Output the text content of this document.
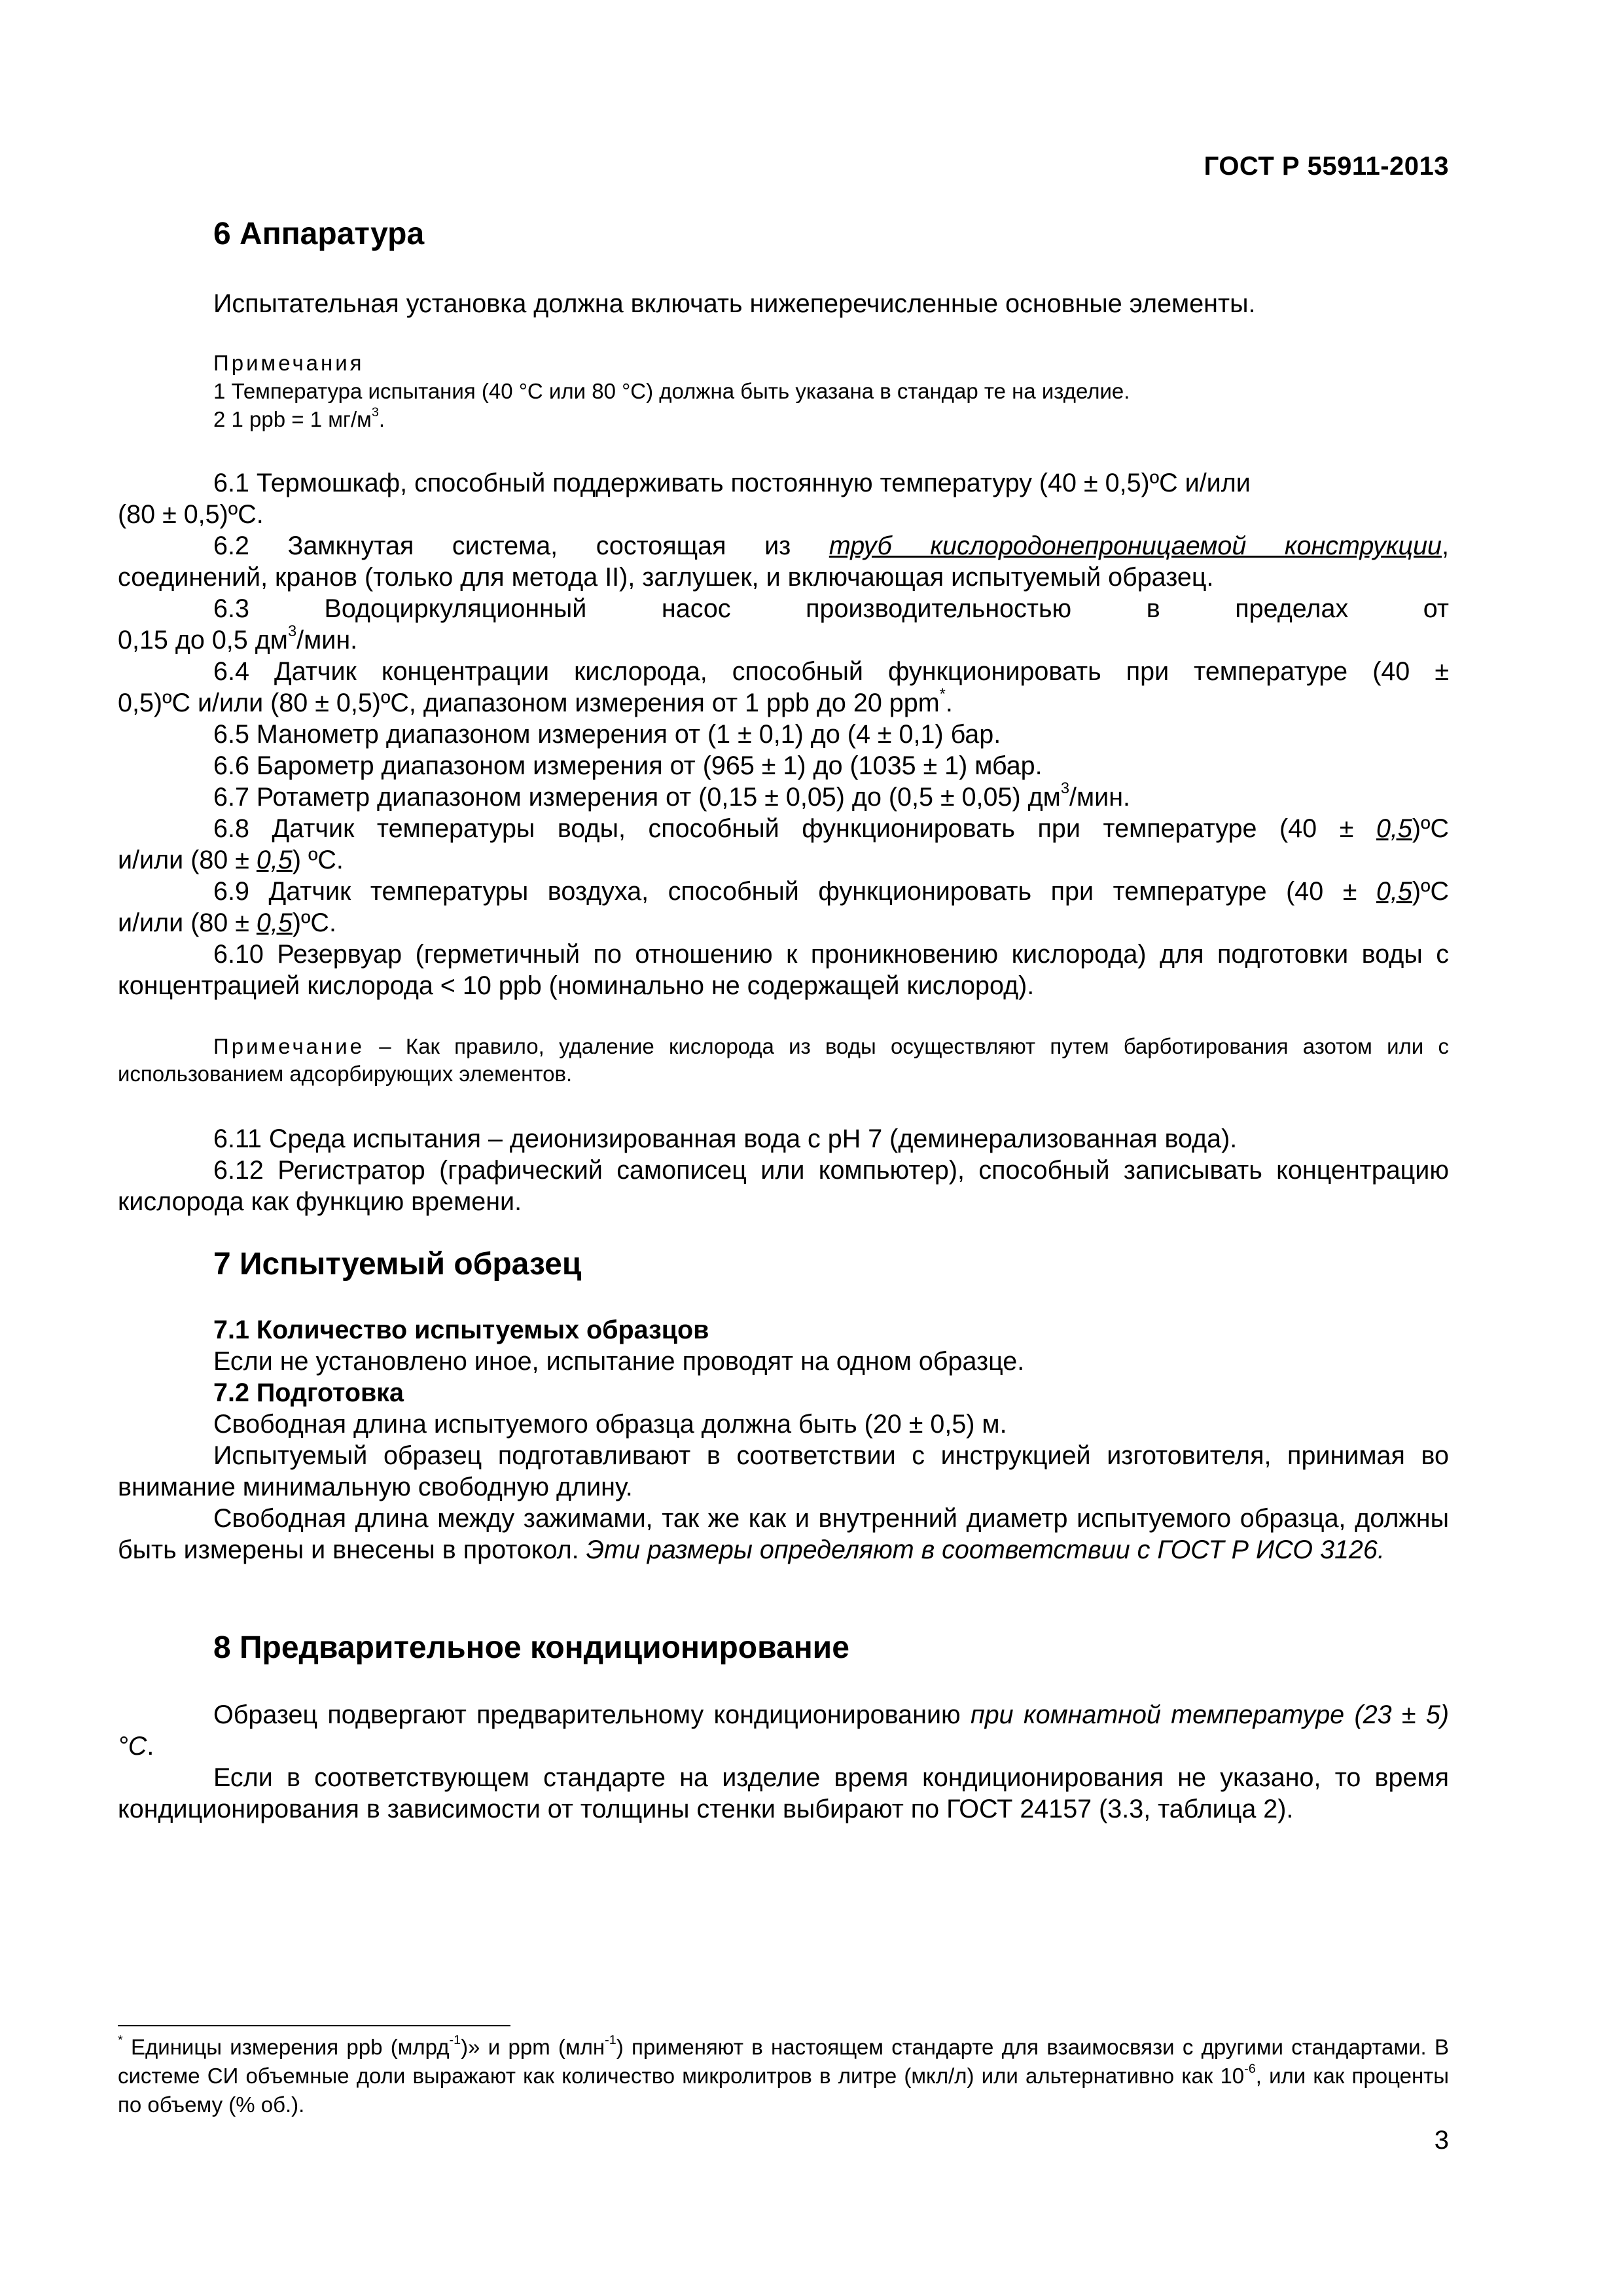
ГОСТ Р 55911-2013
6 Аппаратура
Испытательная установка должна включать нижеперечисленные основные элементы.
Примечания
1 Температура испытания (40 °С или 80 °С) должна быть указана в стандар те на изделие.
2 1 ppb = 1 $мг/м^3$.
6.1 Термошкаф, способный поддерживать постоянную температуру (40 ± 0,5)ºС и/или
(80 ± 0,5)ºС.
6.2 Замкнутая система, состоящая из труб кислородонепроницаемой конструкции,
соединений, кранов (только для метода II), заглушек, и включающая испытуемый образец.
6.3	Водоциркуляционный	насос	производительностью	в	пределах	от
0,15 до 0,5 $дм^3$/мин.
6.4 Датчик концентрации кислорода, способный функционировать при температуре (40 ±
0,5)ºС и/или (80 ± 0,5)ºС, диапазоном измерения от 1 ppb до 20 ppm*.
6.5 Манометр диапазоном измерения от (1 ± 0,1) до (4 ± 0,1) бар.
6.6 Барометр диапазоном измерения от (965 ± 1) до (1035 ± 1) мбар.
6.7 Ротаметр диапазоном измерения от (0,15 ± 0,05) до (0,5 ± 0,05) $дм^3$/мин.
6.8 Датчик температуры воды, способный функционировать при температуре (40 ± 0,5)ºС
и/или (80 ± 0,5) ºС.
6.9 Датчик температуры воздуха, способный функционировать при температуре (40 ± 0,5)ºС
и/или (80 ± 0,5)ºС.
6.10 Резервуар (герметичный по отношению к проникновению кислорода) для подготовки воды с концентрацией кислорода < 10 ppb (номинально не содержащей кислород).
Примечание – Как правило, удаление кислорода из воды осуществляют путем барботирования азотом или с использованием адсорбирующих элементов.
6.11 Среда испытания – деионизированная вода с pH 7 (деминерализованная вода).
6.12 Регистратор (графический самописец или компьютер), способный записывать концентрацию кислорода как функцию времени.
7 Испытуемый образец
7.1 Количество испытуемых образцов
Если не установлено иное, испытание проводят на одном образце.
7.2 Подготовка
Свободная длина испытуемого образца должна быть (20 ± 0,5) м.
Испытуемый образец подготавливают в соответствии с инструкцией изготовителя, принимая во внимание минимальную свободную длину.
Свободная длина между зажимами, так же как и внутренний диаметр испытуемого образца, должны быть измерены и внесены в протокол. Эти размеры определяют в соответствии с ГОСТ Р ИСО 3126.
8 Предварительное кондиционирование
Образец подвергают предварительному кондиционированию при комнатной температуре (23 ± 5)°С.
Если в соответствующем стандарте на изделие время кондиционирования не указано, то время кондиционирования в зависимости от толщины стенки выбирают по ГОСТ 24157 (3.3, таблица 2).
* Единицы измерения ppb (млрд$^{-1}$)» и ppm (млн$^{-1}$) применяют в настоящем стандарте для взаимосвязи с другими стандартами. В системе СИ объемные доли выражают как количество микролитров в литре (мкл/л) или альтернативно как $10^{-6}$, или как проценты по объему (% об.).
3
